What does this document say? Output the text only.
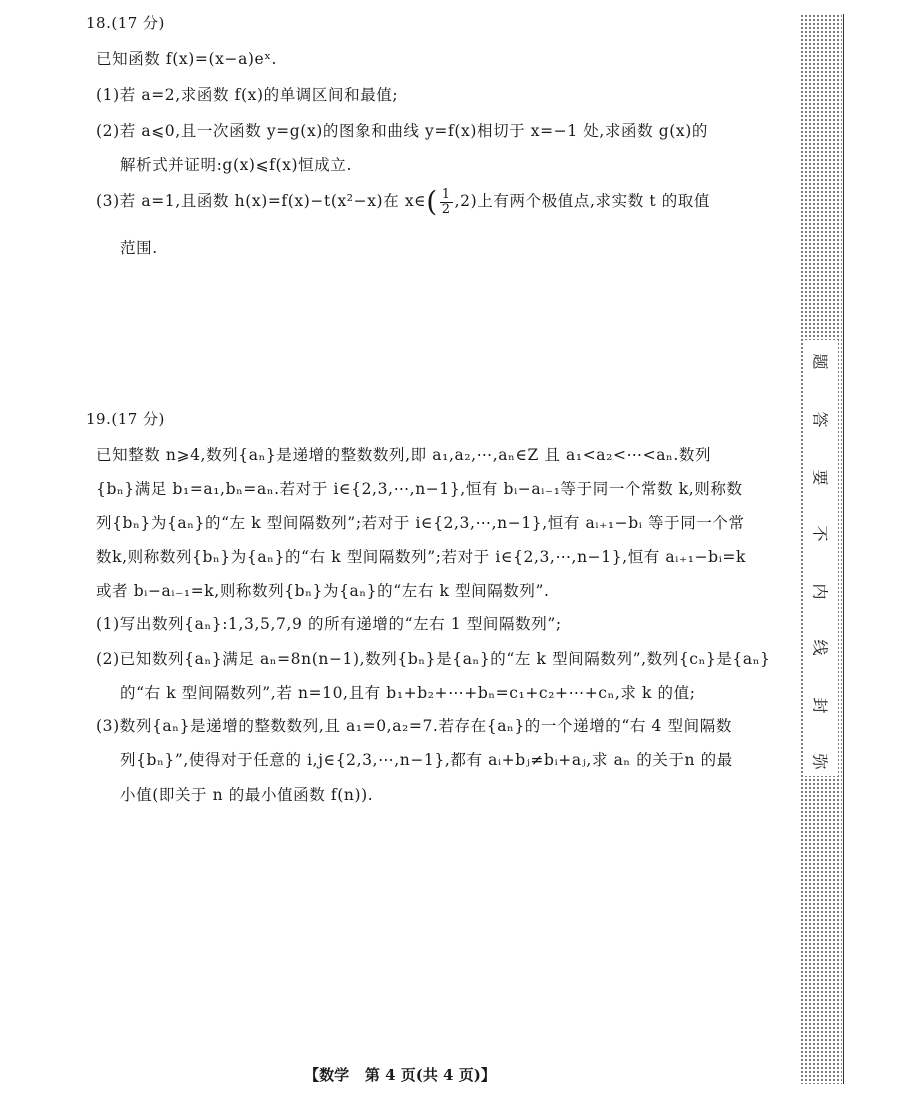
18.(17 分)
已知函数 f(x)=(x−a)eˣ.
(1)若 a=2,求函数 f(x)的单调区间和最值;
(2)若 a⩽0,且一次函数 y=g(x)的图象和曲线 y=f(x)相切于 x=−1 处,求函数 g(x)的
解析式并证明:g(x)⩽f(x)恒成立.
(3)若 a=1,且函数 h(x)=f(x)−t(x²−x)在 x∈( $\frac{1}{2} ,2$)上有两个极值点,求实数 t 的取值
范围.
19.(17 分)
已知整数 n⩾4,数列{aₙ}是递增的整数数列,即 a₁,a₂,⋯,aₙ∈Z 且 a₁<a₂<⋯<aₙ.数列
{bₙ}满足 b₁=a₁,bₙ=aₙ.若对于 i∈{2,3,⋯,n−1},恒有 bᵢ−aᵢ₋₁等于同一个常数 k,则称数
列{bₙ}为{aₙ}的“左 k 型间隔数列”;若对于 i∈{2,3,⋯,n−1},恒有 aᵢ₊₁−bᵢ 等于同一个常
数k,则称数列{bₙ}为{aₙ}的“右 k 型间隔数列”;若对于 i∈{2,3,⋯,n−1},恒有 aᵢ₊₁−bᵢ=k
或者 bᵢ−aᵢ₋₁=k,则称数列{bₙ}为{aₙ}的“左右 k 型间隔数列”.
(1)写出数列{aₙ}:1,3,5,7,9 的所有递增的“左右 1 型间隔数列”;
(2)已知数列{aₙ}满足 aₙ=8n(n−1),数列{bₙ}是{aₙ}的“左 k 型间隔数列”,数列{cₙ}是{aₙ}
的“右 k 型间隔数列”,若 n=10,且有 b₁+b₂+⋯+bₙ=c₁+c₂+⋯+cₙ,求 k 的值;
(3)数列{aₙ}是递增的整数数列,且 a₁=0,a₂=7.若存在{aₙ}的一个递增的“右 4 型间隔数
列{bₙ}”,使得对于任意的 i,j∈{2,3,⋯,n−1},都有 aᵢ+bⱼ≠bᵢ+aⱼ,求 aₙ 的关于n 的最
小值(即关于 n 的最小值函数 f(n)).
【数学 第 4 页(共 4 页)】
题
答
要
不
内
线
封
弥
